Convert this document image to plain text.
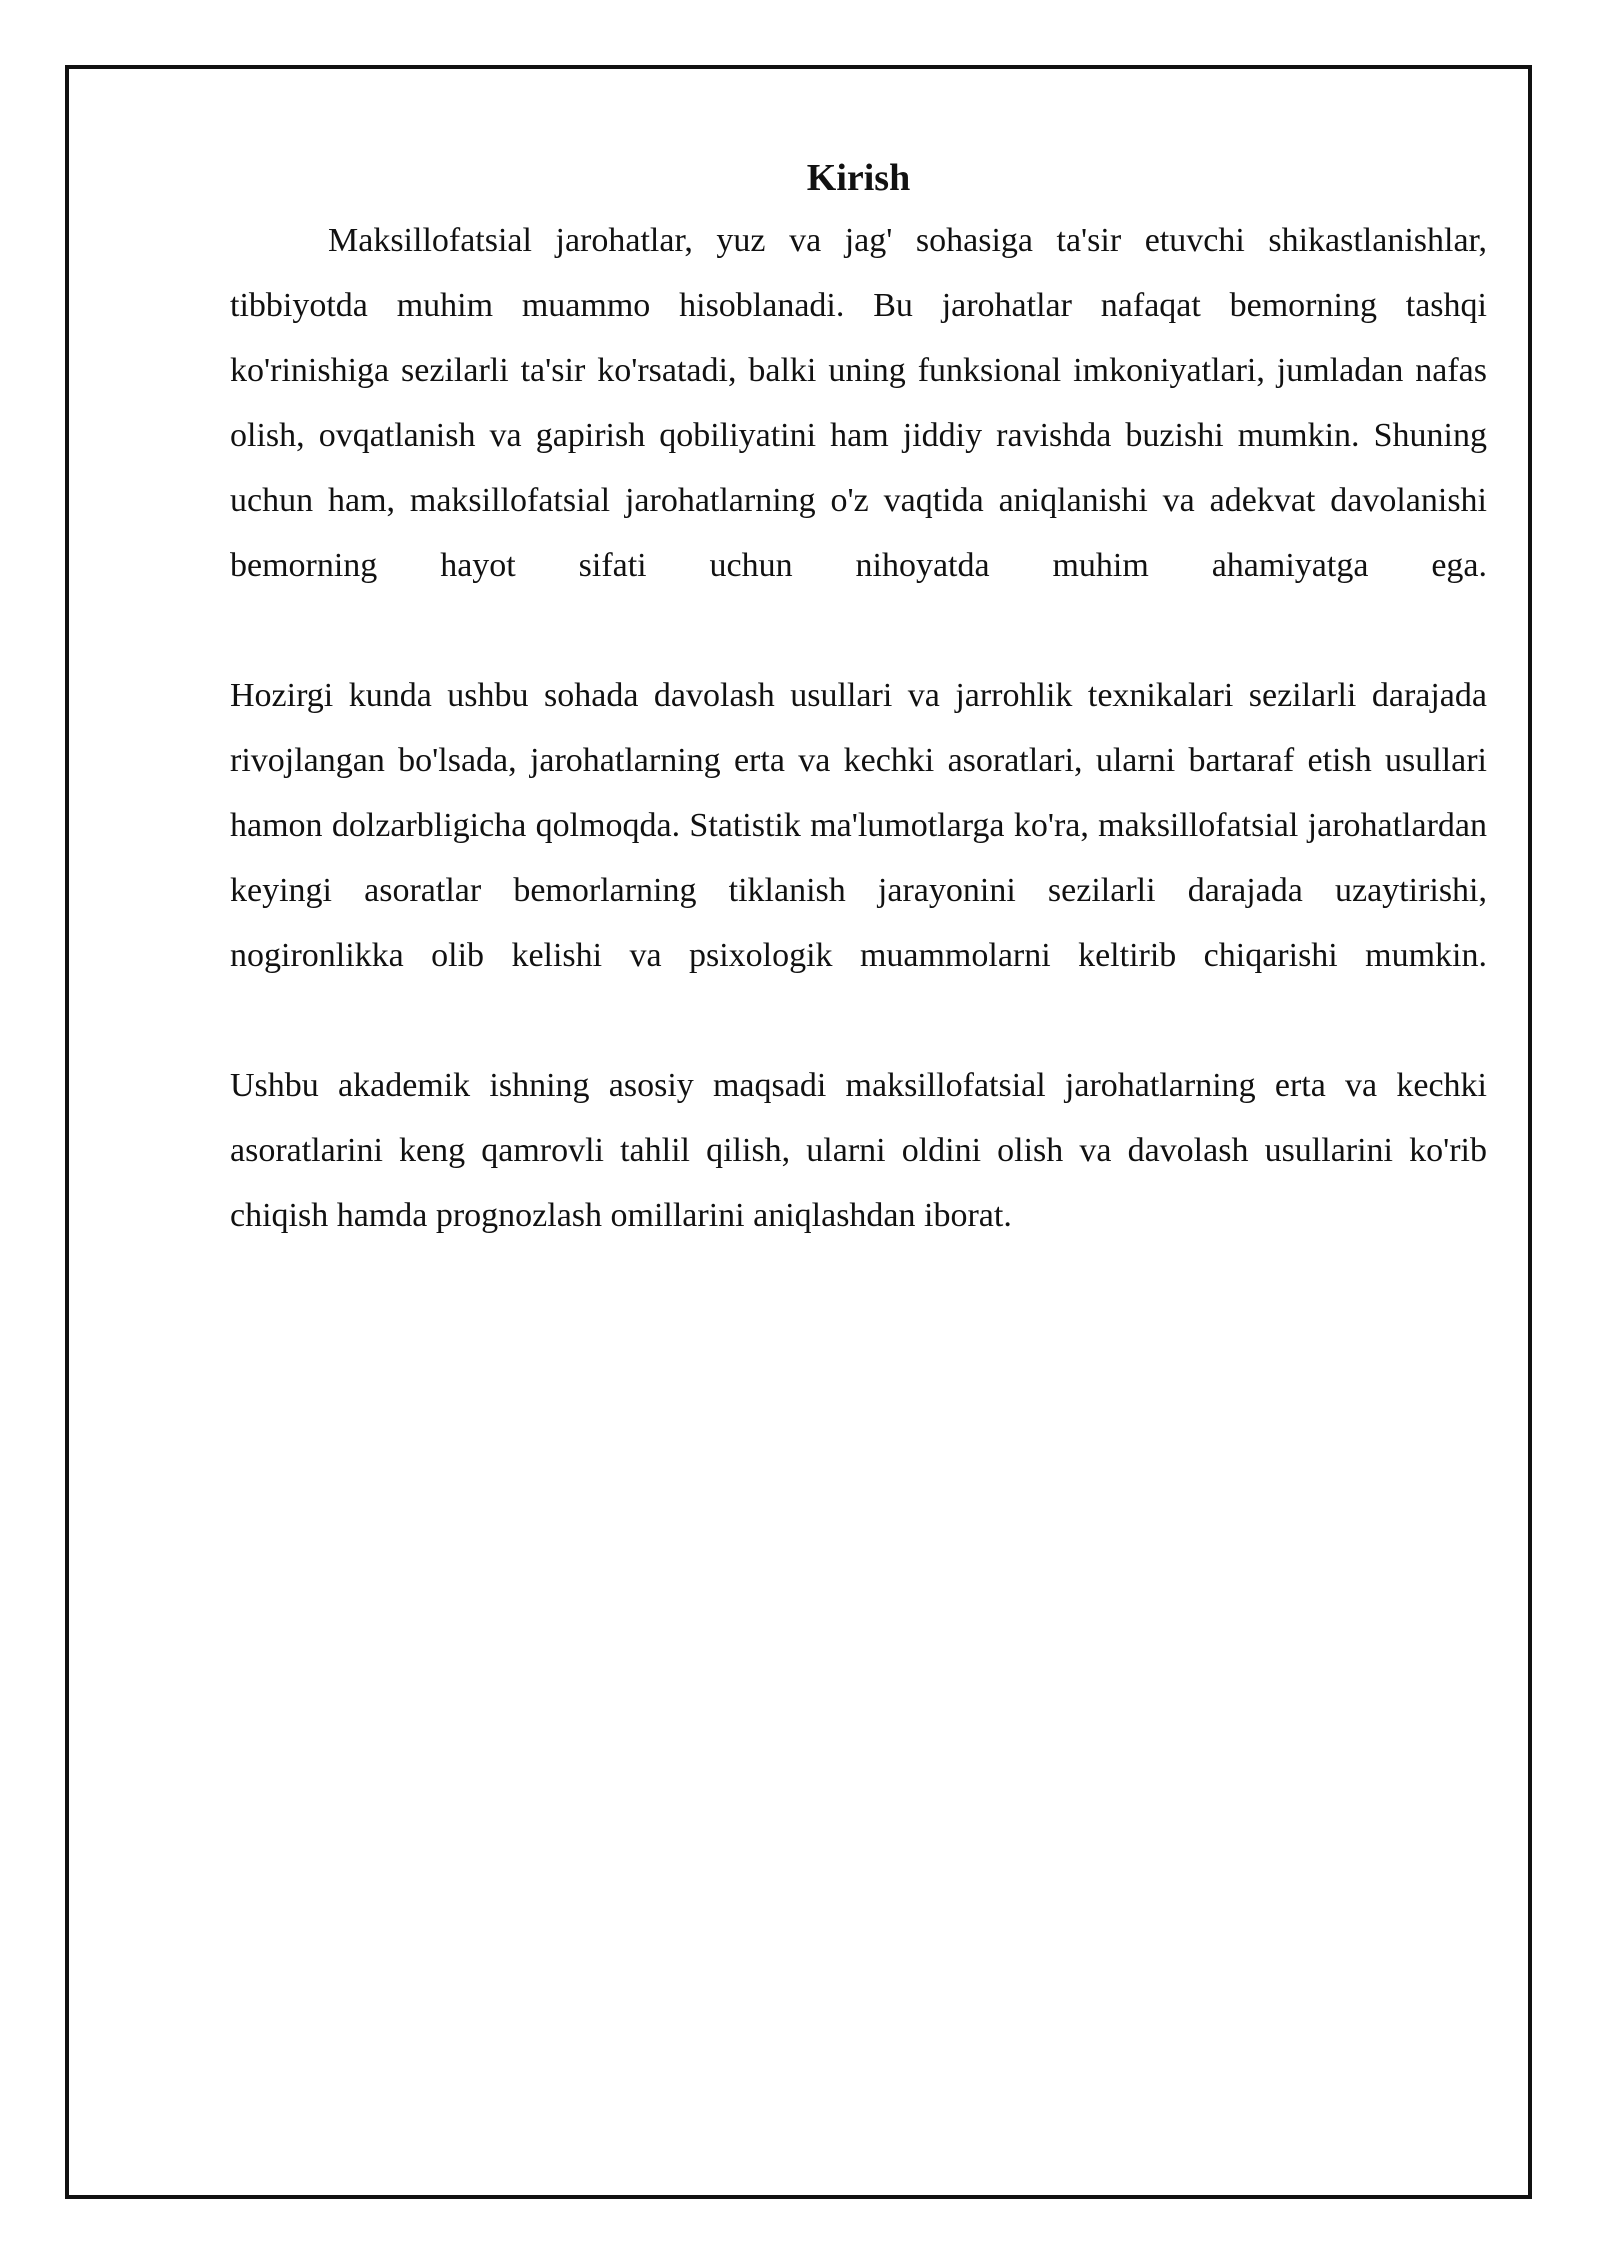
Kirish

Maksillofatsial jarohatlar, yuz va jag' sohasiga ta'sir etuvchi shikastlanishlar, tibbiyotda muhim muammo hisoblanadi. Bu jarohatlar nafaqat bemorning tashqi ko'rinishiga sezilarli ta'sir ko'rsatadi, balki uning funksional imkoniyatlari, jumladan nafas olish, ovqatlanish va gapirish qobiliyatini ham jiddiy ravishda buzishi mumkin. Shuning uchun ham, maksillofatsial jarohatlarning o'z vaqtida aniqlanishi va adekvat davolanishi bemorning hayot sifati uchun nihoyatda muhim ahamiyatga ega.

Hozirgi kunda ushbu sohada davolash usullari va jarrohlik texnikalari sezilarli darajada rivojlangan bo'lsada, jarohatlarning erta va kechki asoratlari, ularni bartaraf etish usullari hamon dolzarbligicha qolmoqda. Statistik ma'lumotlarga ko'ra, maksillofatsial jarohatlardan keyingi asoratlar bemorlarning tiklanish jarayonini sezilarli darajada uzaytirishi, nogironlikka olib kelishi va psixologik muammolarni keltirib chiqarishi mumkin.

Ushbu akademik ishning asosiy maqsadi maksillofatsial jarohatlarning erta va kechki asoratlarini keng qamrovli tahlil qilish, ularni oldini olish va davolash usullarini ko'rib chiqish hamda prognozlash omillarini aniqlashdan iborat.
